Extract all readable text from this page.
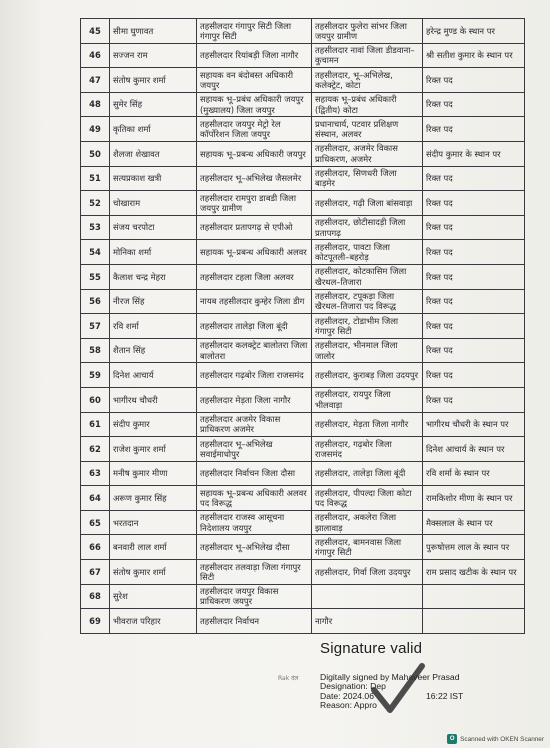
45	सीमा घुणावत	तहसीलदार गंगापुर सिटी जिला गंगापुर सिटी	तहसीलदार फुलेरा सांभर जिला जयपुर ग्रामीण	हरेन्द्र मुण्ड के स्थान पर
46	सज्जन राम	तहसीलदार रियांबड़ी जिला नागौर	तहसीलदार नावां जिला डीडवाना–कुचामन	श्री सतीश कुमार के स्थान पर
47	संतोष कुमार शर्मा	सहायक वन बंदोबस्त अधिकारी जयपुर	तहसीलदार, भू–अभिलेख, कलेक्ट्रेट, कोटा	रिक्त पद
48	सुमेर सिंह	सहायक भू–प्रबंध अधिकारी जयपुर (मुख्यालय) जिला जयपुर	सहायक भू–प्रबंध अधिकारी (द्वितीय) कोटा	रिक्त पद
49	कृतिका शर्मा	तहसीलदार जयपुर मेट्रो रेल कॉर्पोरेशन जिला जयपुर	प्रधानाचार्य, पटवार प्रशिक्षण संस्थान, अलवर	रिक्त पद
50	शैलजा शेखावत	सहायक भू–प्रबन्ध अधिकारी जयपुर	तहसीलदार, अजमेर विकास प्राधिकरण, अजमेर	संदीप कुमार के स्थान पर
51	सत्यप्रकाश खत्री	तहसीलदार भू–अभिलेख जैसलमेर	तहसीलदार, सिणधरी जिला बाड़मेर	रिक्त पद
52	चोखाराम	तहसीलदार रामपुरा डाबडी जिला जयपुर ग्रामीण	तहसीलदार, गढ़ी जिला बांसवाड़ा	रिक्त पद
53	संजय चरपोटा	तहसीलदार प्रतापगढ़ से एपीओ	तहसीलदार, छोटीसादड़ी जिला प्रतापगढ़	रिक्त पद
54	मोनिका शर्मा	सहायक भू–प्रबन्ध अधिकारी अलवर	तहसीलदार, पावटा जिला कोटपूतली–बहरोड़	रिक्त पद
55	कैलाश चन्द्र मेहरा	तहसीलदार टहला जिला अलवर	तहसीलदार, कोटकासिम जिला खैरथल–तिजारा	रिक्त पद
56	नीरज सिंह	नायब तहसीलदार कुम्हेर जिला डीग	तहसीलदार, टपूकड़ा जिला खैरथल–तिजारा पद विरूद्ध	रिक्त पद
57	रवि शर्मा	तहसीलदार तालेड़ा जिला बूंदी	तहसीलदार, टोडाभीम जिला गंगापुर सिटी	रिक्त पद
58	शैतान सिंह	तहसीलदार कलक्ट्रेट बालोतरा जिला बालोतरा	तहसीलदार, भीनमाल जिला जालोर	रिक्त पद
59	दिनेश आचार्य	तहसीलदार गढ़बोर जिला राजसमंद	तहसीलदार, कुराबड़ जिला उदयपुर	रिक्त पद
60	भागीरथ चौधरी	तहसीलदार मेड़ता जिला नागौर	तहसीलदार, रायपुर जिला भीलवाड़ा	रिक्त पद
61	संदीप कुमार	तहसीलदार अजमेर विकास प्राधिकरण अजमेर	तहसीलदार, मेड़ता जिला नागौर	भागीरथ चौधरी के स्थान पर
62	राजेश कुमार शर्मा	तहसीलदार भू–अभिलेख सवाईमाधोपुर	तहसीलदार, गढ़बोर जिला राजसमंद	दिनेश आचार्य के स्थान पर
63	मनीष कुमार मीणा	तहसीलदार निर्वाचन जिला दौसा	तहसीलदार, तालेड़ा जिला बूंदी	रवि शर्मा के स्थान पर
64	अरूण कुमार सिंह	सहायक भू–प्रबन्ध अधिकारी अलवर पद विरूद्ध	तहसीलदार, पीपल्दा जिला कोटा पद विरूद्ध	रामकिशोर मीणा के स्थान पर
65	भरतदान	तहसीलदार राजस्व आसूचना निदेशालय जयपुर	तहसीलदार, अकलेरा जिला झालावाड़	मैक्सलाल के स्थान पर
66	बनवारी लाल शर्मा	तहसीलदार भू–अभिलेख दौसा	तहसीलदार, बामनवास जिला गंगापुर सिटी	पुरूषोत्तम लाल के स्थान पर
67	संतोष कुमार शर्मा	तहसीलदार तलवाड़ा जिला गंगापुर सिटी	तहसीलदार, गिर्वा जिला उदयपुर	राम प्रसाद खटीक के स्थान पर
68	सुरेश	तहसीलदार जयपुर विकास प्राधिकरण जयपुर		
69	भीवराज परिहार	तहसीलदार निर्वाचन	नागौर	
Rak दंल
Signature valid
Digitally signed by Mahaveer Prasad
Designation: Dep
Date: 2024.06	16:22 IST
Reason: Appro
O Scanned with OKEN Scanner
